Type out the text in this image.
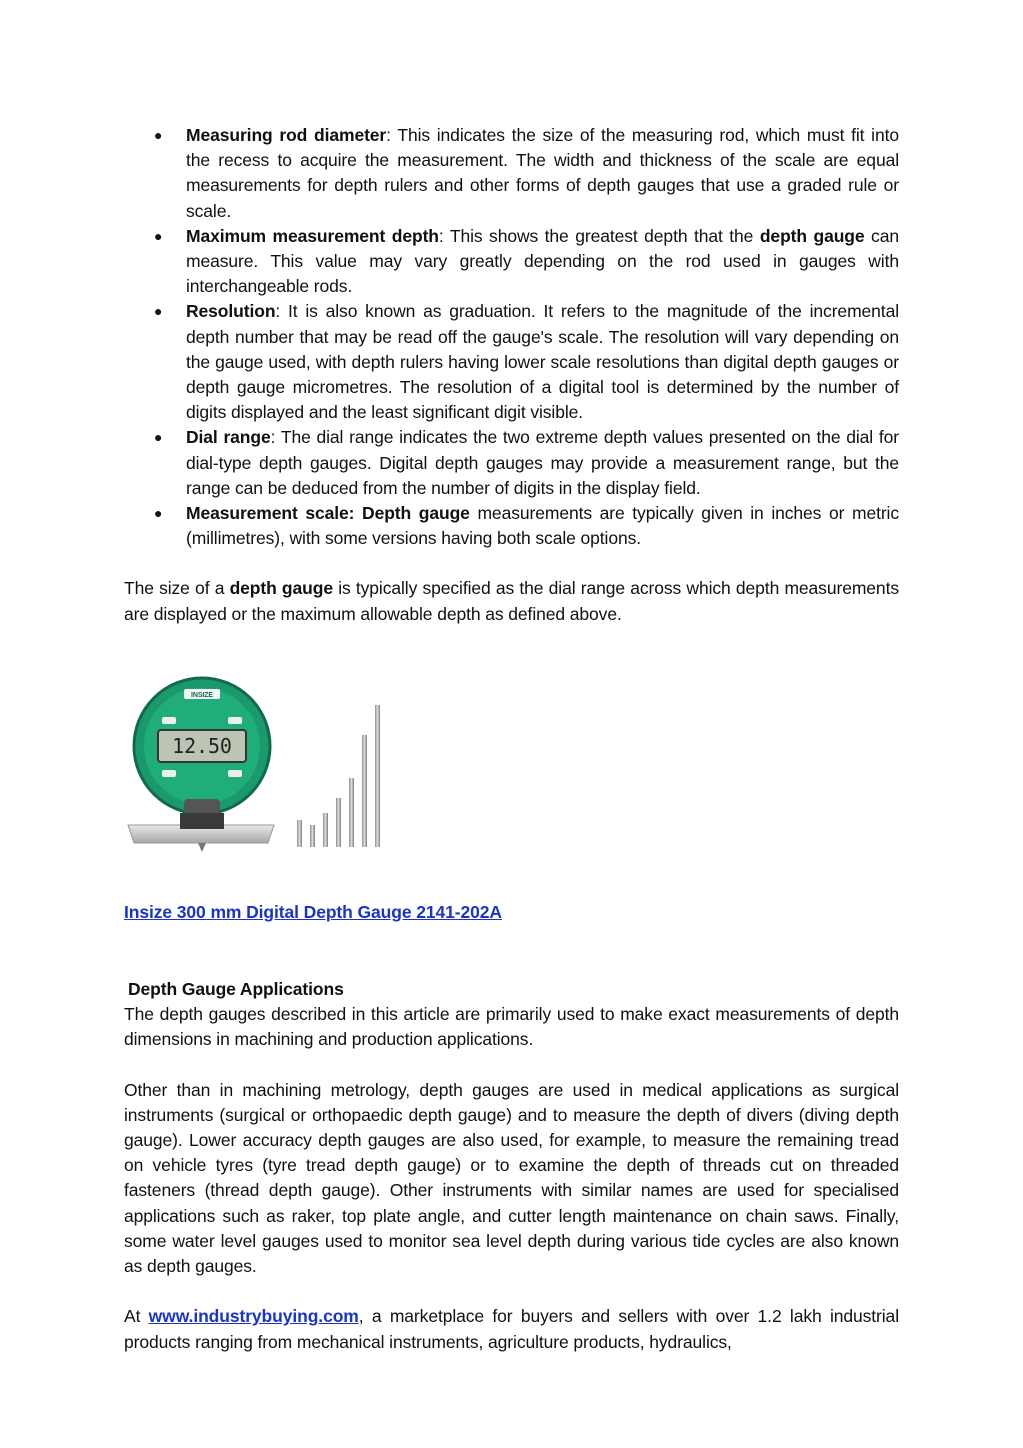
● Measuring rod diameter: This indicates the size of the measuring rod, which must fit into the recess to acquire the measurement. The width and thickness of the scale are equal measurements for depth rulers and other forms of depth gauges that use a graded rule or scale.
● Maximum measurement depth: This shows the greatest depth that the depth gauge can measure. This value may vary greatly depending on the rod used in gauges with interchangeable rods.
● Resolution: It is also known as graduation. It refers to the magnitude of the incremental depth number that may be read off the gauge's scale. The resolution will vary depending on the gauge used, with depth rulers having lower scale resolutions than digital depth gauges or depth gauge micrometres. The resolution of a digital tool is determined by the number of digits displayed and the least significant digit visible.
● Dial range: The dial range indicates the two extreme depth values presented on the dial for dial-type depth gauges. Digital depth gauges may provide a measurement range, but the range can be deduced from the number of digits in the display field.
● Measurement scale: Depth gauge measurements are typically given in inches or metric (millimetres), with some versions having both scale options.

The size of a depth gauge is typically specified as the dial range across which depth measurements are displayed or the maximum allowable depth as defined above.

INSIZE
12.50

Insize 300 mm Digital Depth Gauge 2141-202A

Depth Gauge Applications

The depth gauges described in this article are primarily used to make exact measurements of depth dimensions in machining and production applications.

Other than in machining metrology, depth gauges are used in medical applications as surgical instruments (surgical or orthopaedic depth gauge) and to measure the depth of divers (diving depth gauge). Lower accuracy depth gauges are also used, for example, to measure the remaining tread on vehicle tyres (tyre tread depth gauge) or to examine the depth of threads cut on threaded fasteners (thread depth gauge). Other instruments with similar names are used for specialised applications such as raker, top plate angle, and cutter length maintenance on chain saws. Finally, some water level gauges used to monitor sea level depth during various tide cycles are also known as depth gauges.

At www.industrybuying.com, a marketplace for buyers and sellers with over 1.2 lakh industrial products ranging from mechanical instruments, agriculture products, hydraulics,
